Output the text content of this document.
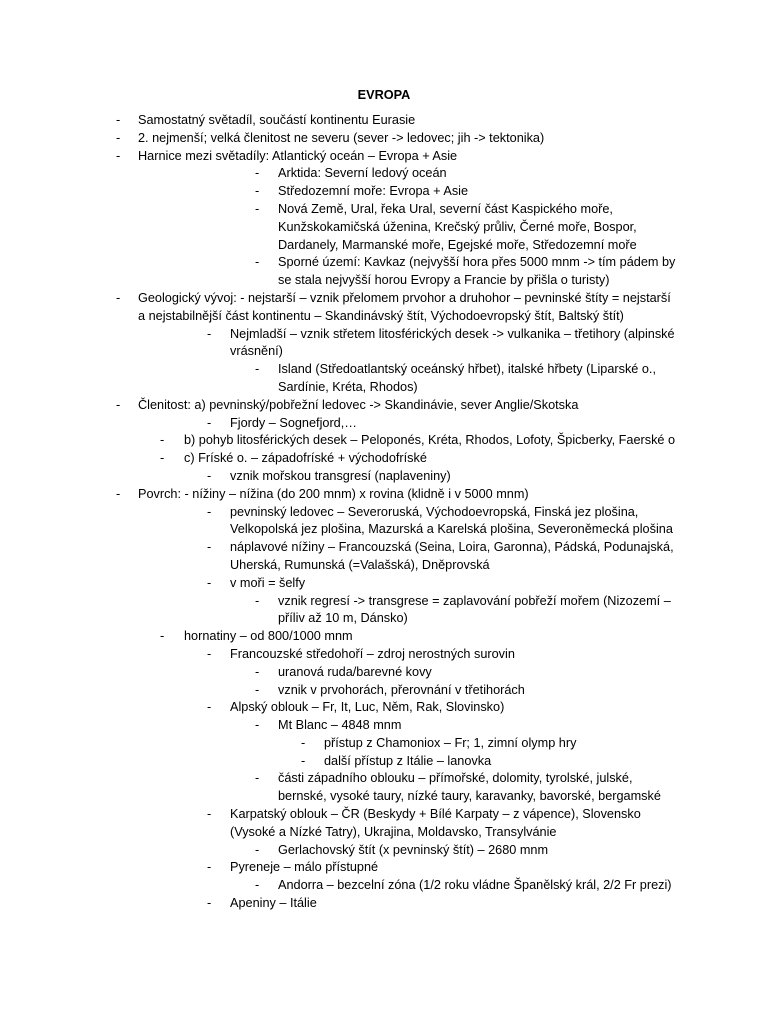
EVROPA
- Samostatný světadíl, součástí kontinentu Eurasie
- 2. nejmenší; velká členitost ne severu (sever -> ledovec; jih -> tektonika)
- Harnice mezi světadíly: Atlantický oceán – Evropa + Asie
- Arktida: Severní ledový oceán
- Středozemní moře: Evropa + Asie
- Nová Země, Ural, řeka Ural, severní část Kaspického moře, Kunžskokamičská úženina, Krečský průliv, Černé moře, Bospor, Dardanely, Marmanské moře, Egejské moře, Středozemní moře
- Sporné území: Kavkaz (nejvyšší hora přes 5000 mnm -> tím pádem by se stala nejvyšší horou Evropy a Francie by přišla o turisty)
- Geologický vývoj: - nejstarší – vznik přelomem prvohor a druhohor – pevninské štíty = nejstarší a nejstabilnější část kontinentu – Skandinávský štít, Východoevropský štít, Baltský štít)
- Nejmladší – vznik střetem litosférických desek -> vulkanika – třetihory (alpinské vrásnění)
- Island (Středoatlantský oceánský hřbet), italské hřbety (Liparské o., Sardínie, Kréta, Rhodos)
- Členitost: a) pevninský/pobřežní ledovec -> Skandinávie, sever Anglie/Skotska
- Fjordy – Sognefjord,…
- b) pohyb litosférických desek – Peloponés, Kréta, Rhodos, Lofoty, Špicberky, Faerské o
- c) Fríské o. – západofríské + východofríské
- vznik mořskou transgresí (naplaveniny)
- Povrch: - nížiny – nížina (do 200 mnm) x rovina (klidně i v 5000 mnm)
- pevninský ledovec – Severoruská, Východoevropská, Finská jez plošina, Velkopolská jez plošina, Mazurská a Karelská plošina, Severoněmecká plošina
- náplavové nížiny – Francouzská (Seina, Loira, Garonna), Pádská, Podunajská, Uherská, Rumunská (=Valašská), Dněprovská
- v moři = šelfy
- vznik regresí -> transgrese = zaplavování pobřeží mořem (Nizozemí – příliv až 10 m, Dánsko)
- hornatiny – od 800/1000 mnm
- Francouzské středohoří – zdroj nerostných surovin
- uranová ruda/barevné kovy
- vznik v prvohorách, přerovnání v třetihorách
- Alpský oblouk – Fr, It, Luc, Něm, Rak, Slovinsko)
- Mt Blanc – 4848 mnm
- přístup z Chamoniox – Fr; 1, zimní olymp hry
- další přístup z Itálie – lanovka
- části západního oblouku – přímořské, dolomity, tyrolské, julské, bernské, vysoké taury, nízké taury, karavanky, bavorské, bergamské
- Karpatský oblouk – ČR (Beskydy + Bílé Karpaty – z vápence), Slovensko (Vysoké a Nízké Tatry), Ukrajina, Moldavsko, Transylvánie
- Gerlachovský štít (x pevninský štít) – 2680 mnm
- Pyreneje – málo přístupné
- Andorra – bezcelní zóna (1/2 roku vládne Španělský král, 2/2 Fr prezi)
- Apeniny – Itálie
